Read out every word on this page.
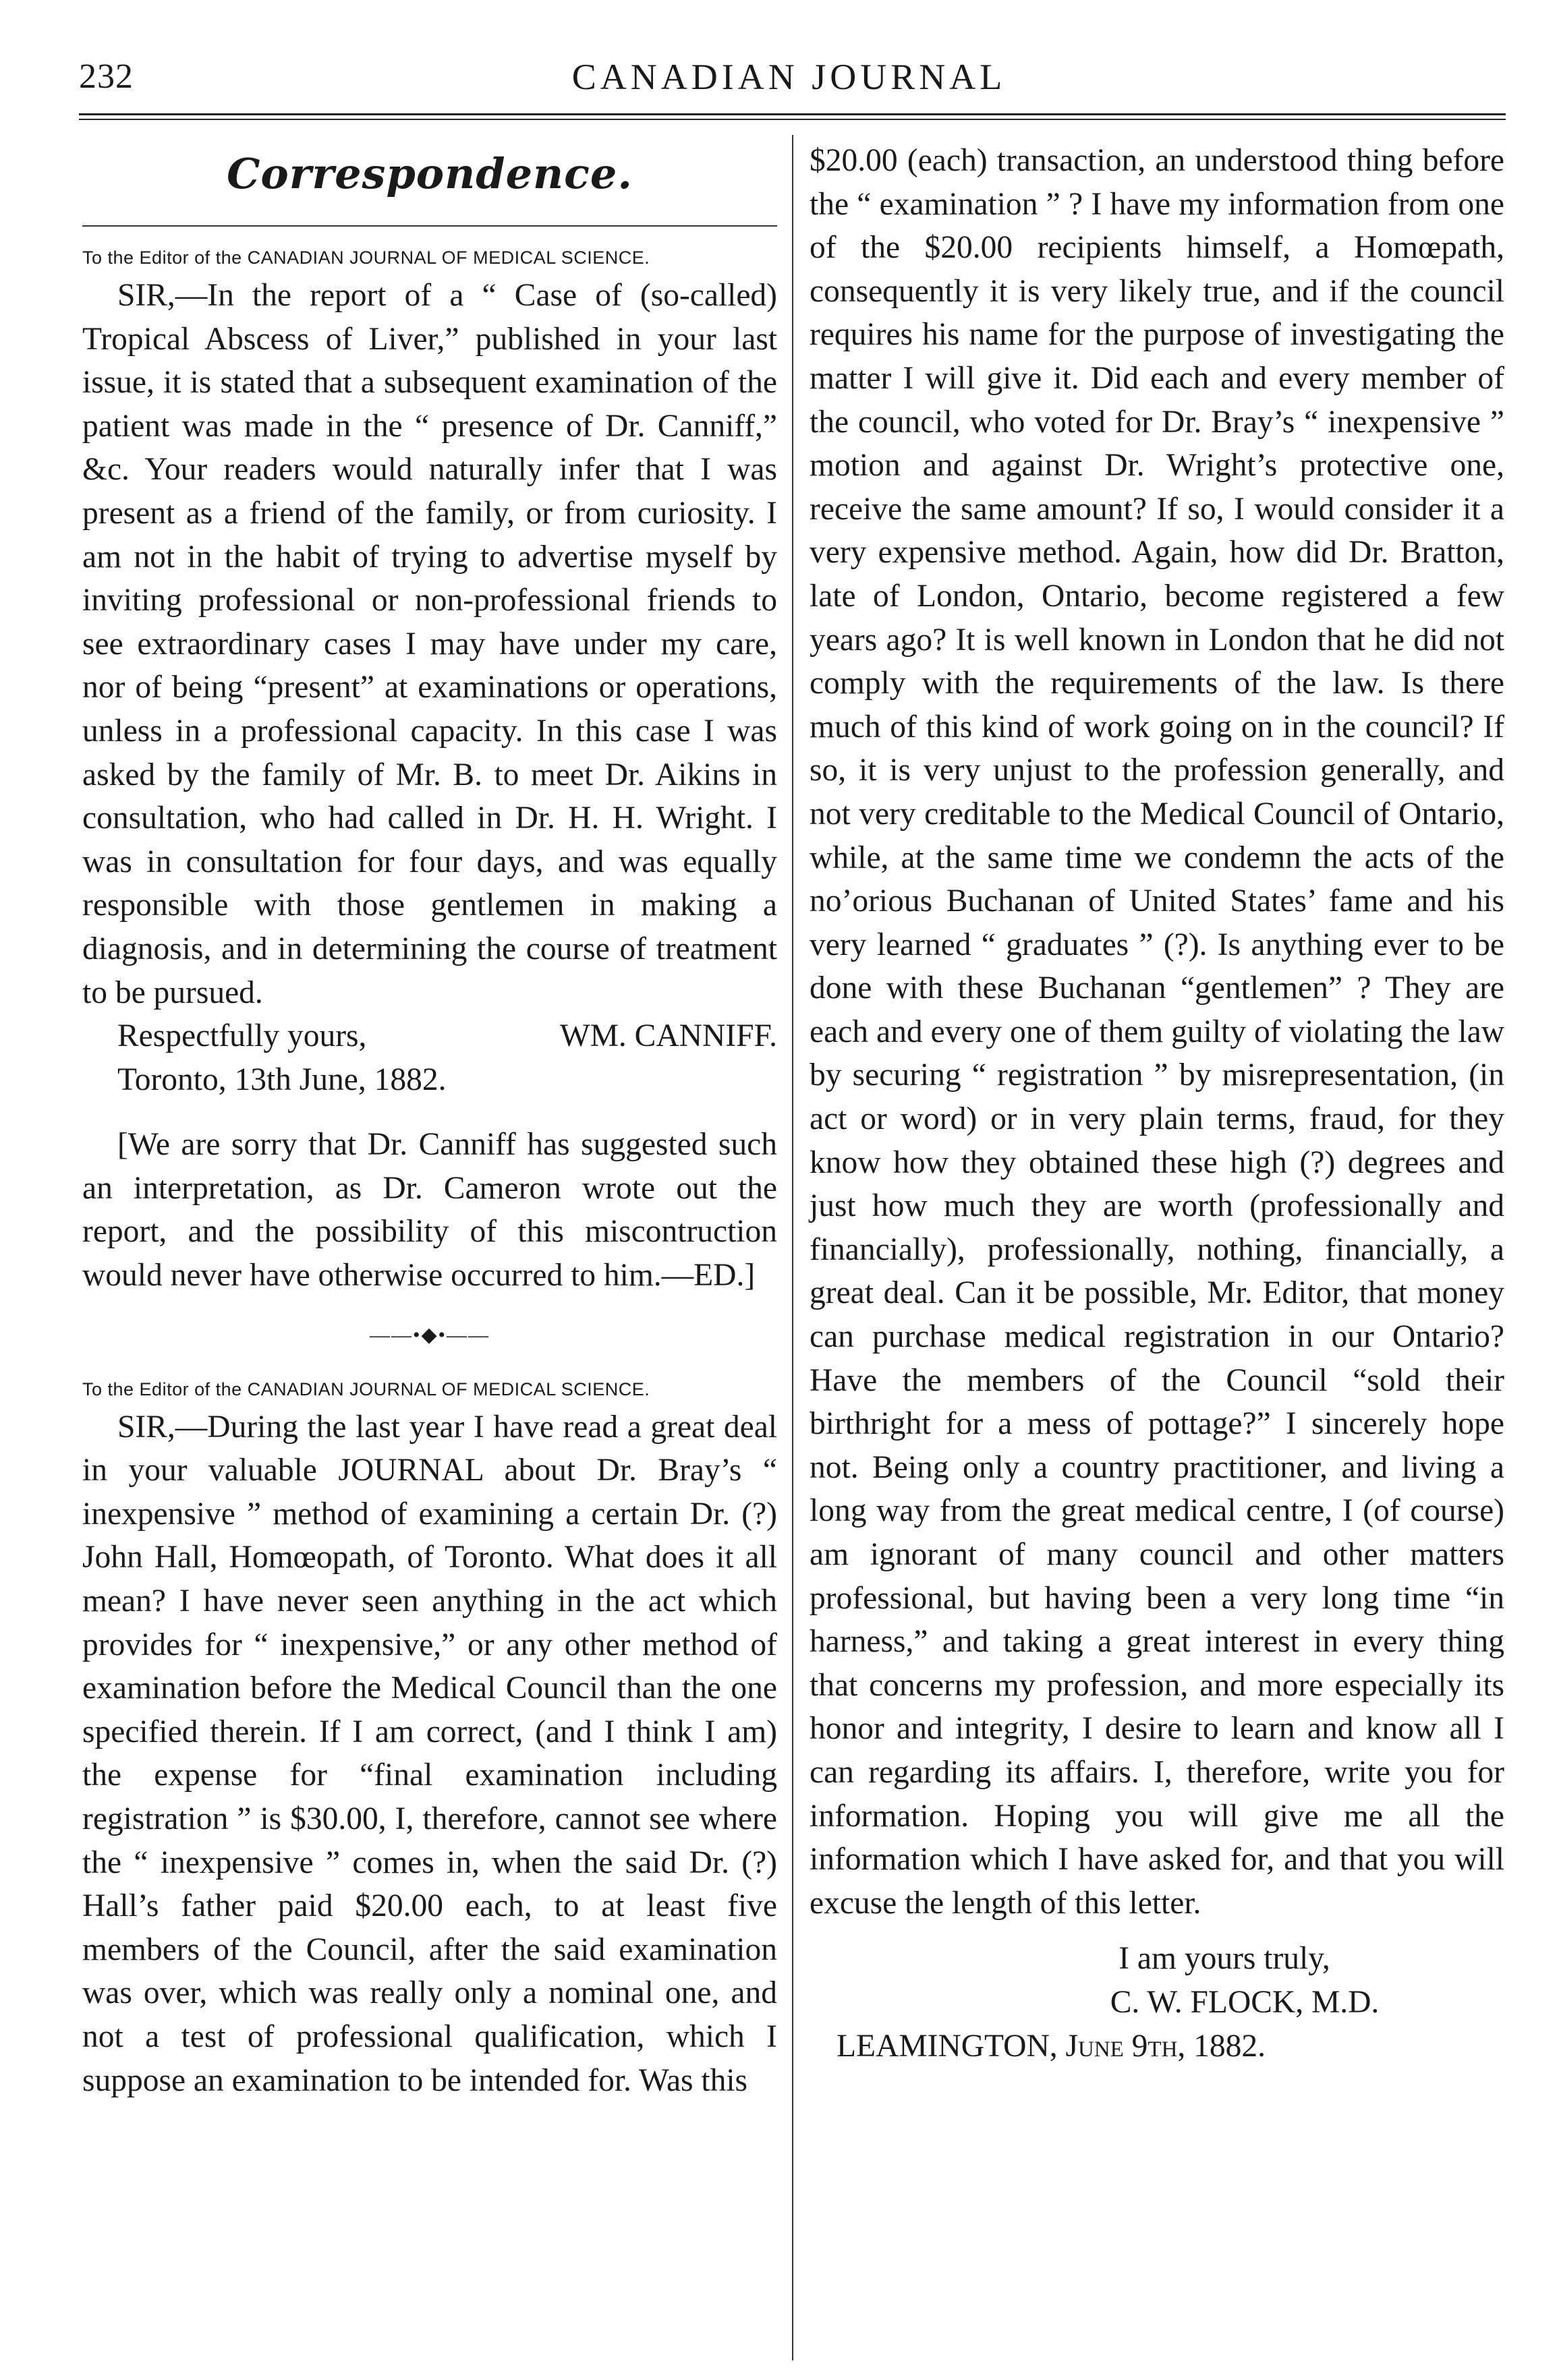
232	CANADIAN JOURNAL
Correspondence.
To the Editor of the CANADIAN JOURNAL OF MEDICAL SCIENCE.

SIR,—In the report of a “ Case of (so-called) Tropical Abscess of Liver,” published in your last issue, it is stated that a subsequent examination of the patient was made in the “ presence of Dr. Canniff,” &c. Your readers would naturally infer that I was present as a friend of the family, or from curiosity. I am not in the habit of trying to advertise myself by inviting professional or non-professional friends to see extraordinary cases I may have under my care, nor of being “present” at examinations or operations, unless in a professional capacity. In this case I was asked by the family of Mr. B. to meet Dr. Aikins in consultation, who had called in Dr. H. H. Wright. I was in consultation for four days, and was equally responsible with those gentlemen in making a diagnosis, and in determining the course of treatment to be pursued.

Respectfully yours,	WM. CANNIFF.

Toronto, 13th June, 1882.

[We are sorry that Dr. Canniff has suggested such an interpretation, as Dr. Cameron wrote out the report, and the possibility of this miscontruction would never have otherwise occurred to him.—ED.]

——•◆•——
To the Editor of the CANADIAN JOURNAL OF MEDICAL SCIENCE.

SIR,—During the last year I have read a great deal in your valuable JOURNAL about Dr. Bray’s “ inexpensive ” method of examining a certain Dr. (?) John Hall, Homœopath, of Toronto. What does it all mean? I have never seen anything in the act which provides for “ inexpensive,” or any other method of examination before the Medical Council than the one specified therein. If I am correct, (and I think I am) the expense for “final examination including registration ” is $30.00, I, therefore, cannot see where the “ inexpensive ” comes in, when the said Dr. (?) Hall’s father paid $20.00 each, to at least five members of the Council, after the said examination was over, which was really only a nominal one, and not a test of professional qualification, which I suppose an examination to be intended for. Was this

$20.00 (each) transaction, an understood thing before the “ examination ” ? I have my information from one of the $20.00 recipients himself, a Homœpath, consequently it is very likely true, and if the council requires his name for the purpose of investigating the matter I will give it. Did each and every member of the council, who voted for Dr. Bray’s “ inexpensive ” motion and against Dr. Wright’s protective one, receive the same amount? If so, I would consider it a very expensive method. Again, how did Dr. Bratton, late of London, Ontario, become registered a few years ago? It is well known in London that he did not comply with the requirements of the law. Is there much of this kind of work going on in the council? If so, it is very unjust to the profession generally, and not very creditable to the Medical Council of Ontario, while, at the same time we condemn the acts of the no’orious Buchanan of United States’ fame and his very learned “ graduates ” (?). Is anything ever to be done with these Buchanan “gentlemen” ? They are each and every one of them guilty of violating the law by securing “ registration ” by misrepresentation, (in act or word) or in very plain terms, fraud, for they know how they obtained these high (?) degrees and just how much they are worth (professionally and financially), professionally, nothing, financially, a great deal. Can it be possible, Mr. Editor, that money can purchase medical registration in our Ontario? Have the members of the Council “sold their birthright for a mess of pottage?” I sincerely hope not. Being only a country practitioner, and living a long way from the great medical centre, I (of course) am ignorant of many council and other matters professional, but having been a very long time “in harness,” and taking a great interest in every thing that concerns my profession, and more especially its honor and integrity, I desire to learn and know all I can regarding its affairs. I, therefore, write you for information. Hoping you will give me all the information which I have asked for, and that you will excuse the length of this letter.

I am yours truly,

C. W. FLOCK, M.D.

LEAMINGTON, June 9th, 1882.
